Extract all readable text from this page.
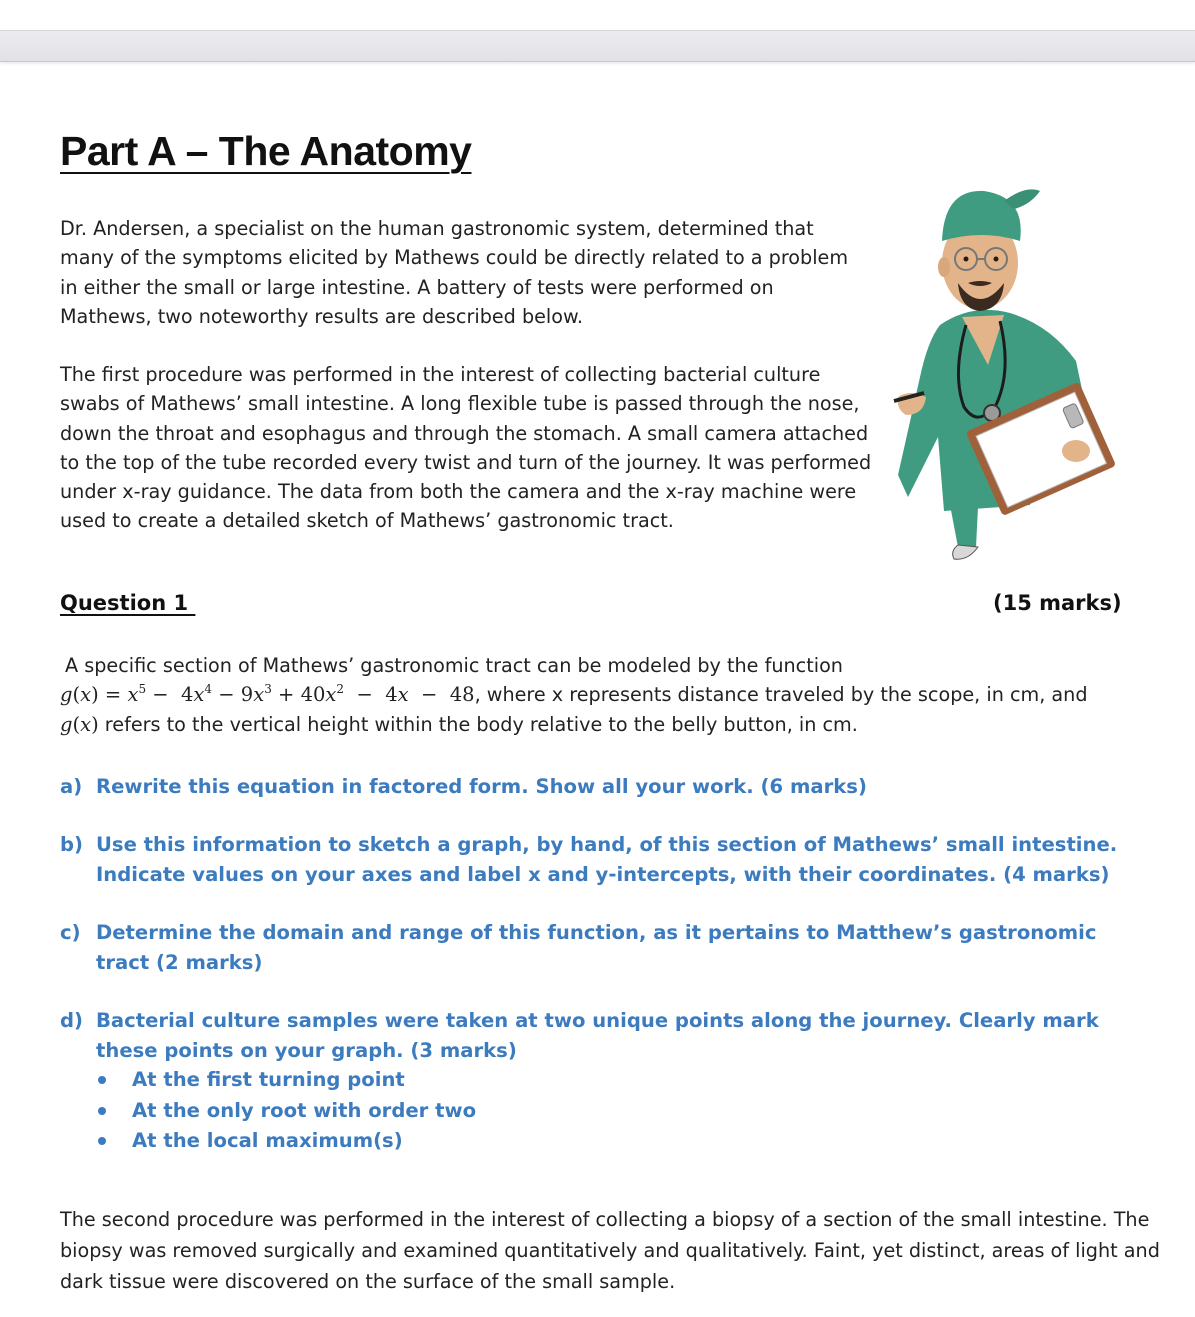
Part A – The Anatomy

Dr. Andersen, a specialist on the human gastronomic system, determined that many of the symptoms elicited by Mathews could be directly related to a problem in either the small or large intestine. A battery of tests were performed on Mathews, two noteworthy results are described below.

The first procedure was performed in the interest of collecting bacterial culture swabs of Mathews’ small intestine. A long flexible tube is passed through the nose, down the throat and esophagus and through the stomach. A small camera attached to the top of the tube recorded every twist and turn of the journey. It was performed under x-ray guidance. The data from both the camera and the x-ray machine were used to create a detailed sketch of Mathews’ gastronomic tract.

Question 1	(15 marks)

A specific section of Mathews’ gastronomic tract can be modeled by the function
$g(x) = x^5 - 4x^4 - 9x^3 + 40x^2 - 4x - 48$, where x represents distance traveled by the scope, in cm, and
g(x) refers to the vertical height within the body relative to the belly button, in cm.

a) Rewrite this equation in factored form. Show all your work. (6 marks)
b) Use this information to sketch a graph, by hand, of this section of Mathews’ small intestine. Indicate values on your axes and label x and y-intercepts, with their coordinates. (4 marks)
c) Determine the domain and range of this function, as it pertains to Matthew’s gastronomic tract (2 marks)
d) Bacterial culture samples were taken at two unique points along the journey. Clearly mark these points on your graph. (3 marks)
At the first turning point
At the only root with order two
At the local maximum(s)

The second procedure was performed in the interest of collecting a biopsy of a section of the small intestine. The biopsy was removed surgically and examined quantitatively and qualitatively. Faint, yet distinct, areas of light and dark tissue were discovered on the surface of the small sample.
